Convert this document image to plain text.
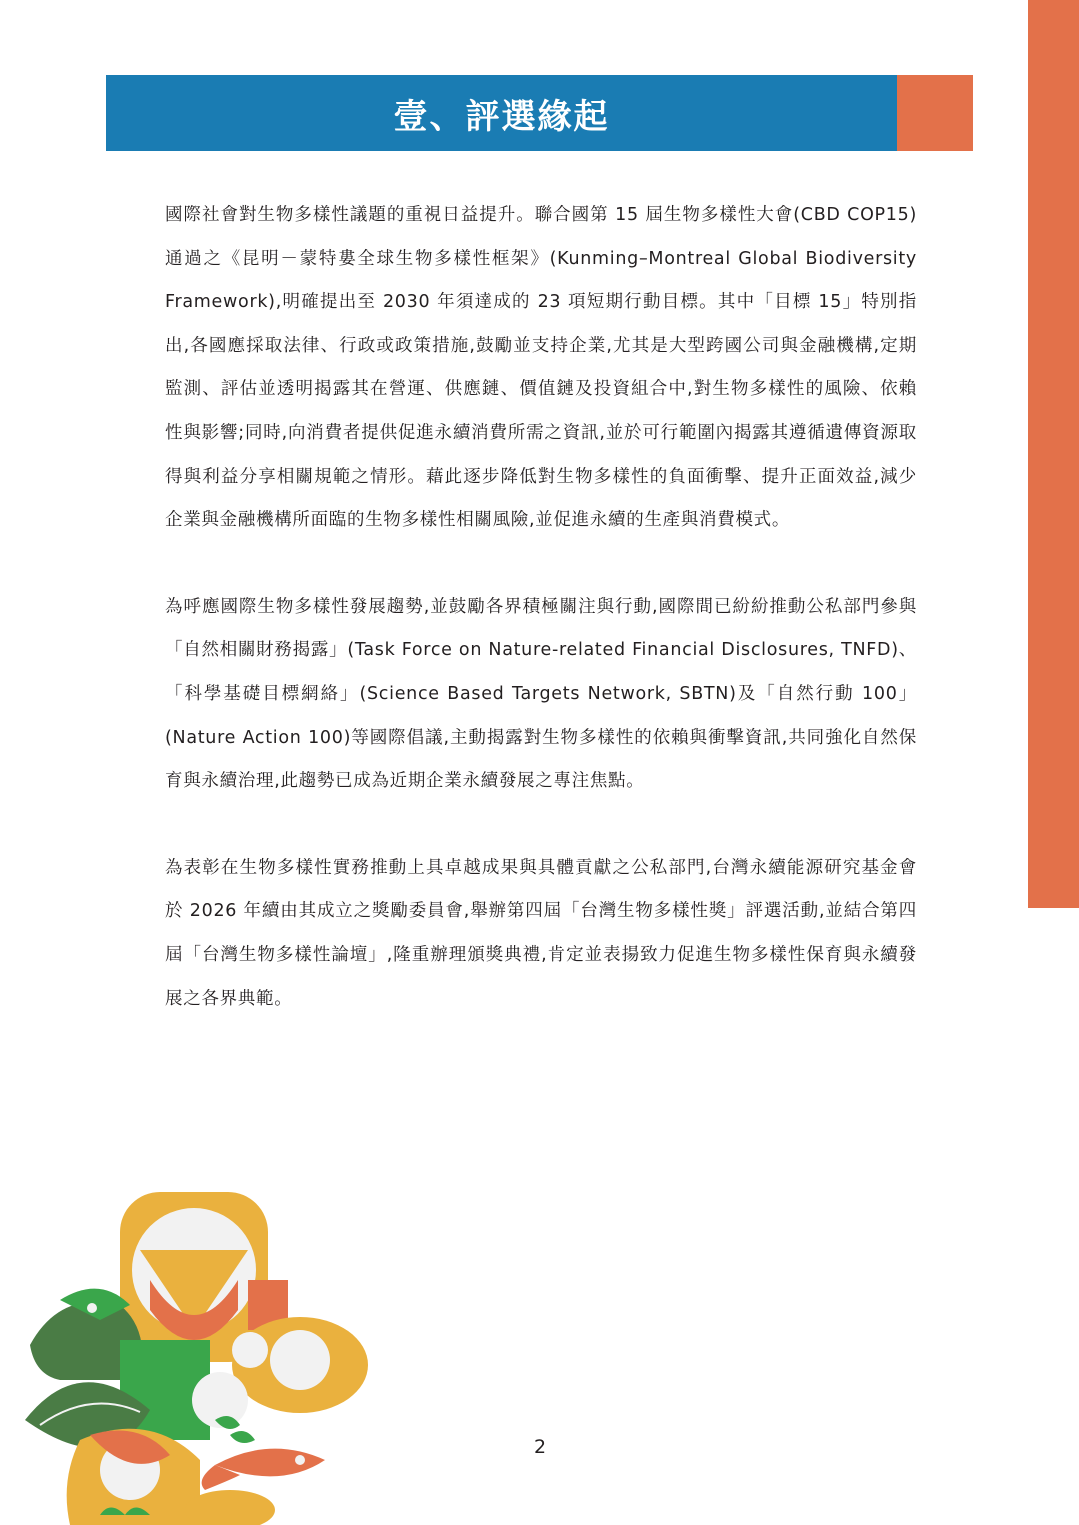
壹、評選緣起

國際社會對生物多樣性議題的重視日益提升。聯合國第 15 屆生物多樣性大會(CBD COP15)通過之《昆明－蒙特婁全球生物多樣性框架》(Kunming–Montreal Global Biodiversity Framework),明確提出至 2030 年須達成的 23 項短期行動目標。其中「目標 15」特別指出,各國應採取法律、行政或政策措施,鼓勵並支持企業,尤其是大型跨國公司與金融機構,定期監測、評估並透明揭露其在營運、供應鏈、價值鏈及投資組合中,對生物多樣性的風險、依賴性與影響;同時,向消費者提供促進永續消費所需之資訊,並於可行範圍內揭露其遵循遺傳資源取得與利益分享相關規範之情形。藉此逐步降低對生物多樣性的負面衝擊、提升正面效益,減少企業與金融機構所面臨的生物多樣性相關風險,並促進永續的生產與消費模式。

為呼應國際生物多樣性發展趨勢,並鼓勵各界積極關注與行動,國際間已紛紛推動公私部門參與「自然相關財務揭露」(Task Force on Nature-related Financial Disclosures, TNFD)、「科學基礎目標網絡」(Science Based Targets Network, SBTN)及「自然行動 100」(Nature Action 100)等國際倡議,主動揭露對生物多樣性的依賴與衝擊資訊,共同強化自然保育與永續治理,此趨勢已成為近期企業永續發展之專注焦點。

為表彰在生物多樣性實務推動上具卓越成果與具體貢獻之公私部門,台灣永續能源研究基金會於 2026 年續由其成立之獎勵委員會,舉辦第四屆「台灣生物多樣性獎」評選活動,並結合第四屆「台灣生物多樣性論壇」,隆重辦理頒獎典禮,肯定並表揚致力促進生物多樣性保育與永續發展之各界典範。

2
